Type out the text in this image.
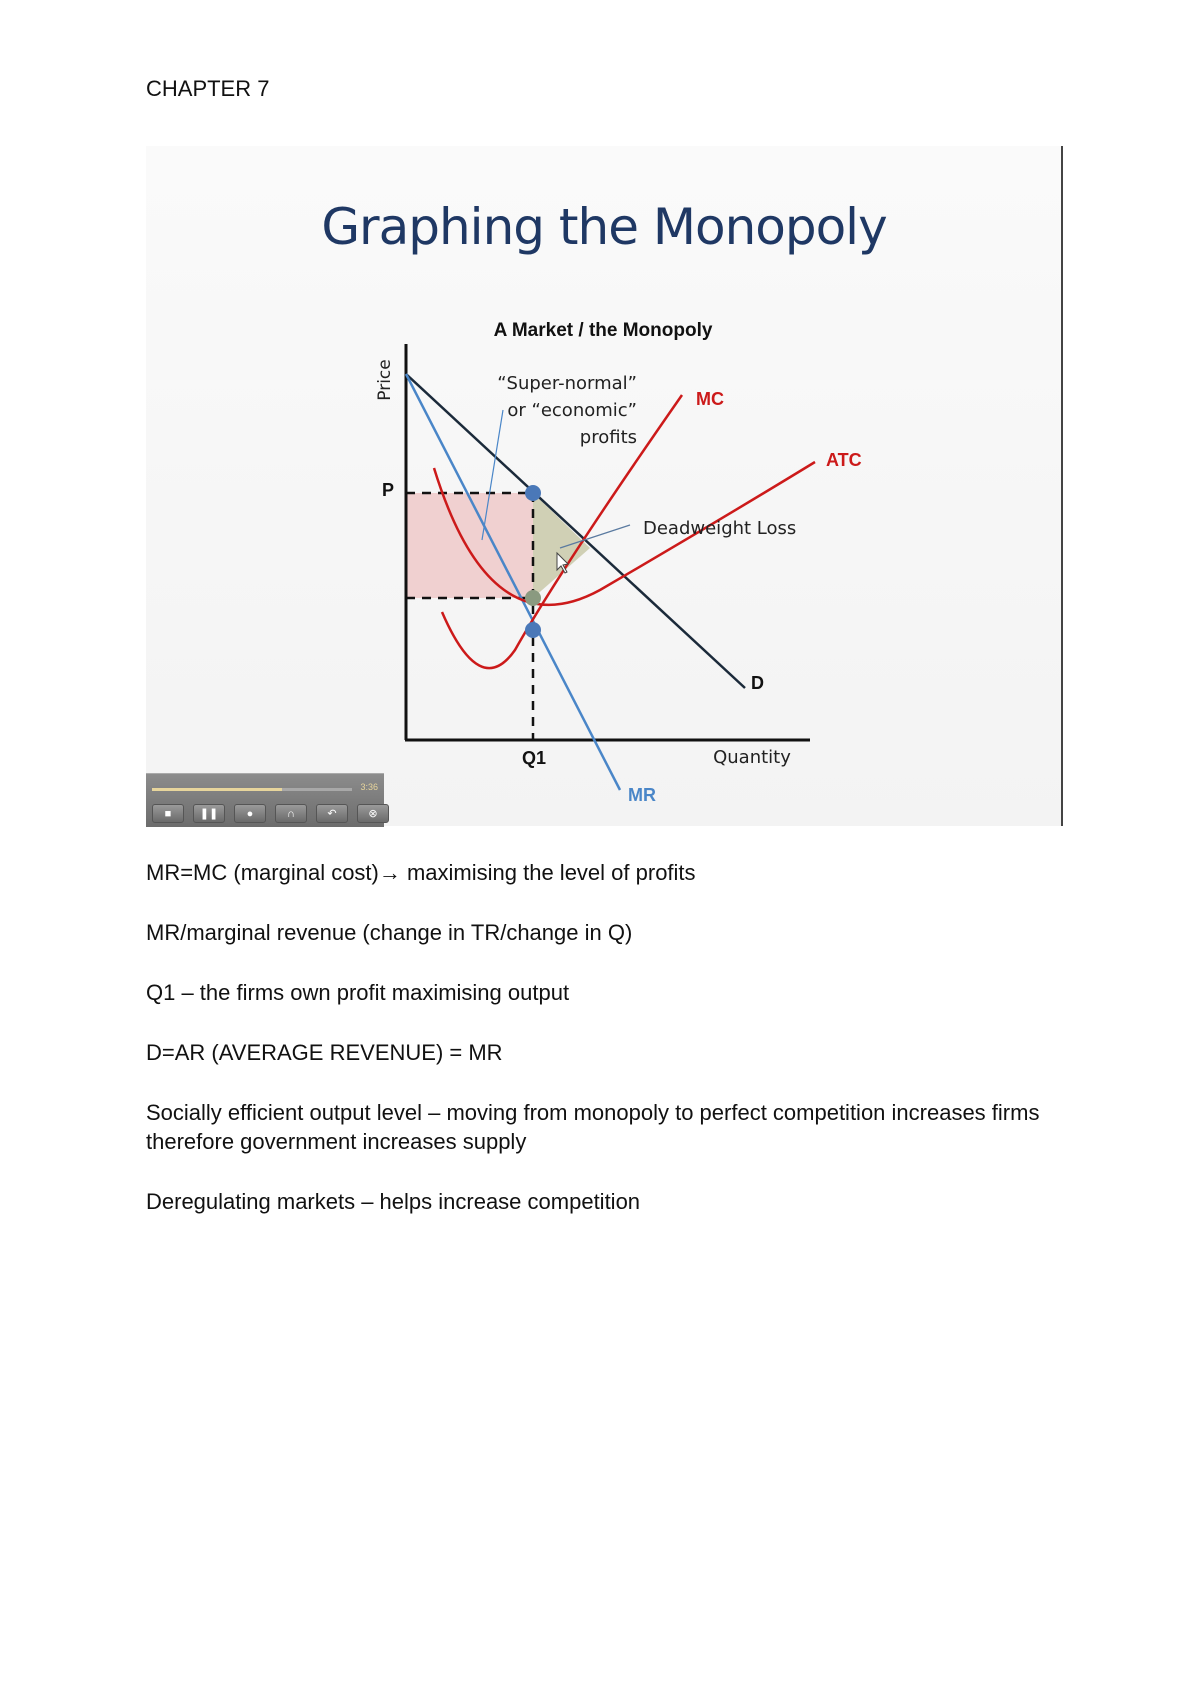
CHAPTER 7
Graphing the Monopoly
A Market / the Monopoly
Price
P
Q1	Quantity
“Super-normal”
or “economic”
profits
Deadweight Loss
MC
ATC
D
MR
3:36
■	❚❚	●	∩	↶	⊗

MR=MC (marginal cost)→ maximising the level of profits

MR/marginal revenue (change in TR/change in Q)

Q1 – the firms own profit maximising output

D=AR (AVERAGE REVENUE) = MR

Socially efficient output level – moving from monopoly to perfect competition increases firms therefore government increases supply

Deregulating markets – helps increase competition
